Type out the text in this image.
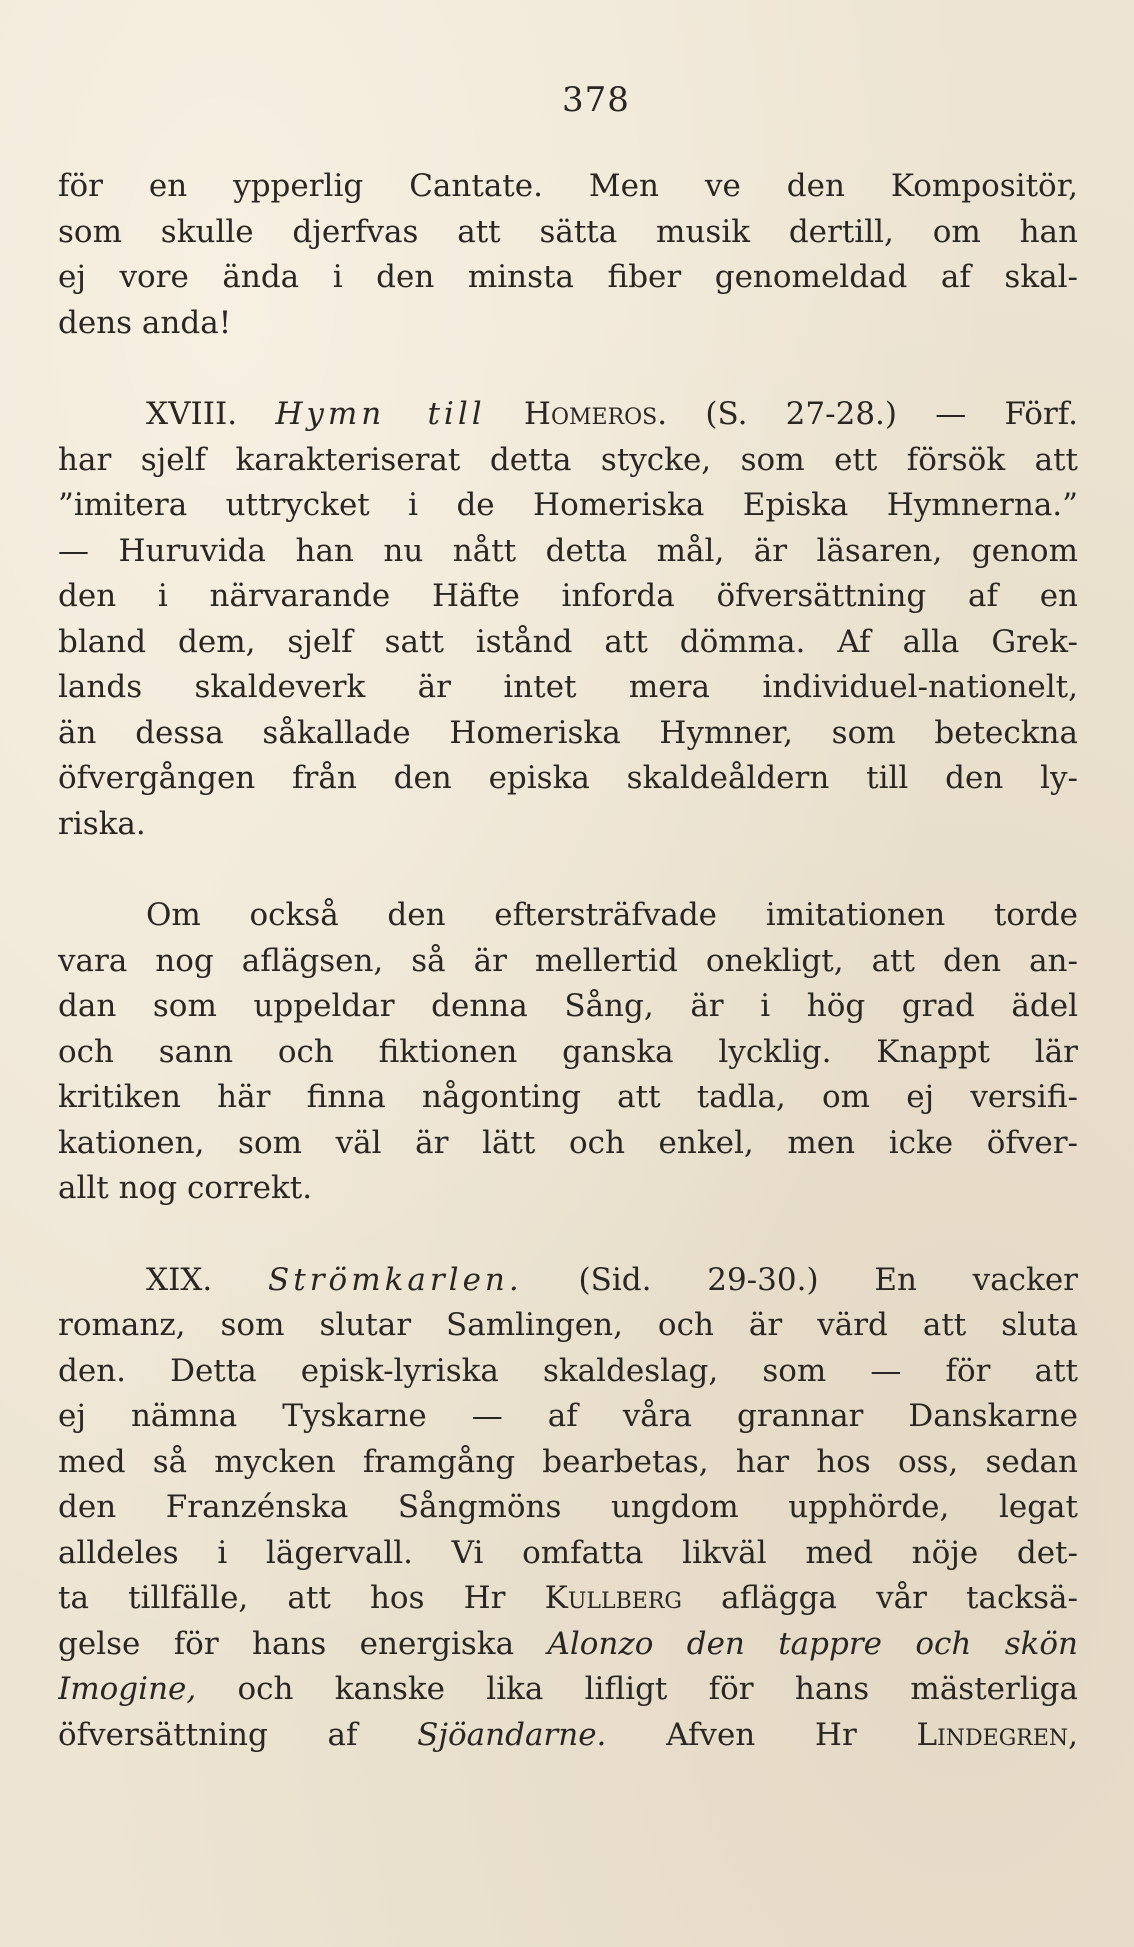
378

för en ypperlig Cantate. Men ve den Kompositör,
som skulle djerfvas att sätta musik dertill, om han
ej vore ända i den minsta fiber genomeldad af skal-
dens anda!

XVIII. Hymn till Homeros. (S. 27-28.) — Förf.
har sjelf karakteriserat detta stycke, som ett försök att
”imitera uttrycket i de Homeriska Episka Hymnerna.”
— Huruvida han nu nått detta mål, är läsaren, genom
den i närvarande Häfte inforda öfversättning af en
bland dem, sjelf satt istånd att dömma. Af alla Grek-
lands skaldeverk är intet mera individuel-nationelt,
än dessa såkallade Homeriska Hymner, som beteckna
öfvergången från den episka skaldeåldern till den ly-
riska.

Om också den eftersträfvade imitationen torde
vara nog aflägsen, så är mellertid onekligt, att den an-
dan som uppeldar denna Sång, är i hög grad ädel
och sann och fiktionen ganska lycklig. Knappt lär
kritiken här finna någonting att tadla, om ej versifi-
kationen, som väl är lätt och enkel, men icke öfver-
allt nog correkt.

XIX. Strömkarlen. (Sid. 29-30.) En vacker
romanz, som slutar Samlingen, och är värd att sluta
den. Detta episk-lyriska skaldeslag, som — för att
ej nämna Tyskarne — af våra grannar Danskarne
med så mycken framgång bearbetas, har hos oss, sedan
den Franzénska Sångmöns ungdom upphörde, legat
alldeles i lägervall. Vi omfatta likväl med nöje det-
ta tillfälle, att hos Hr Kullberg aflägga vår tacksä-
gelse för hans energiska Alonzo den tappre och skön
Imogine, och kanske lika lifligt för hans mästerliga
öfversättning af Sjöandarne. Afven Hr Lindegren,
